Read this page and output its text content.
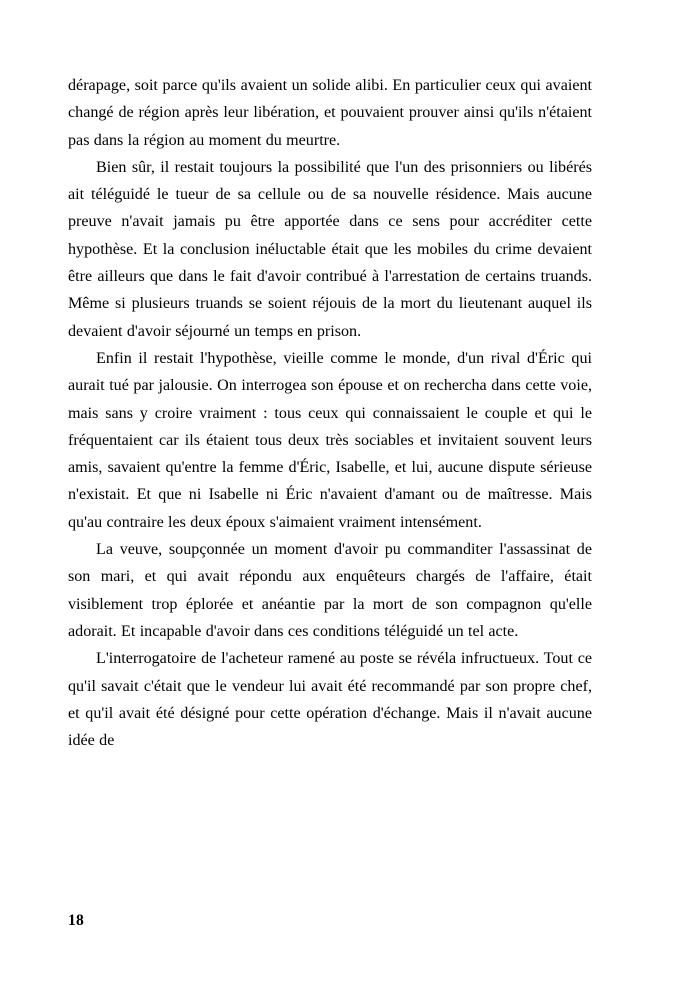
dérapage, soit parce qu'ils avaient un solide alibi. En particulier ceux qui avaient changé de région après leur libération, et pouvaient prouver ainsi qu'ils n'étaient pas dans la région au moment du meurtre.

Bien sûr, il restait toujours la possibilité que l'un des prisonniers ou libérés ait téléguidé le tueur de sa cellule ou de sa nouvelle résidence. Mais aucune preuve n'avait jamais pu être apportée dans ce sens pour accréditer cette hypothèse. Et la conclusion inéluctable était que les mobiles du crime devaient être ailleurs que dans le fait d'avoir contribué à l'arrestation de certains truands. Même si plusieurs truands se soient réjouis de la mort du lieutenant auquel ils devaient d'avoir séjourné un temps en prison.

Enfin il restait l'hypothèse, vieille comme le monde, d'un rival d'Éric qui aurait tué par jalousie. On interrogea son épouse et on rechercha dans cette voie, mais sans y croire vraiment : tous ceux qui connaissaient le couple et qui le fréquentaient car ils étaient tous deux très sociables et invitaient souvent leurs amis, savaient qu'entre la femme d'Éric, Isabelle, et lui, aucune dispute sérieuse n'existait. Et que ni Isabelle ni Éric n'avaient d'amant ou de maîtresse. Mais qu'au contraire les deux époux s'aimaient vraiment intensément.

La veuve, soupçonnée un moment d'avoir pu commanditer l'assassinat de son mari, et qui avait répondu aux enquêteurs chargés de l'affaire, était visiblement trop éplorée et anéantie par la mort de son compagnon qu'elle adorait. Et incapable d'avoir dans ces conditions téléguidé un tel acte.

L'interrogatoire de l'acheteur ramené au poste se révéla infructueux. Tout ce qu'il savait c'était que le vendeur lui avait été recommandé par son propre chef, et qu'il avait été désigné pour cette opération d'échange. Mais il n'avait aucune idée de

18
